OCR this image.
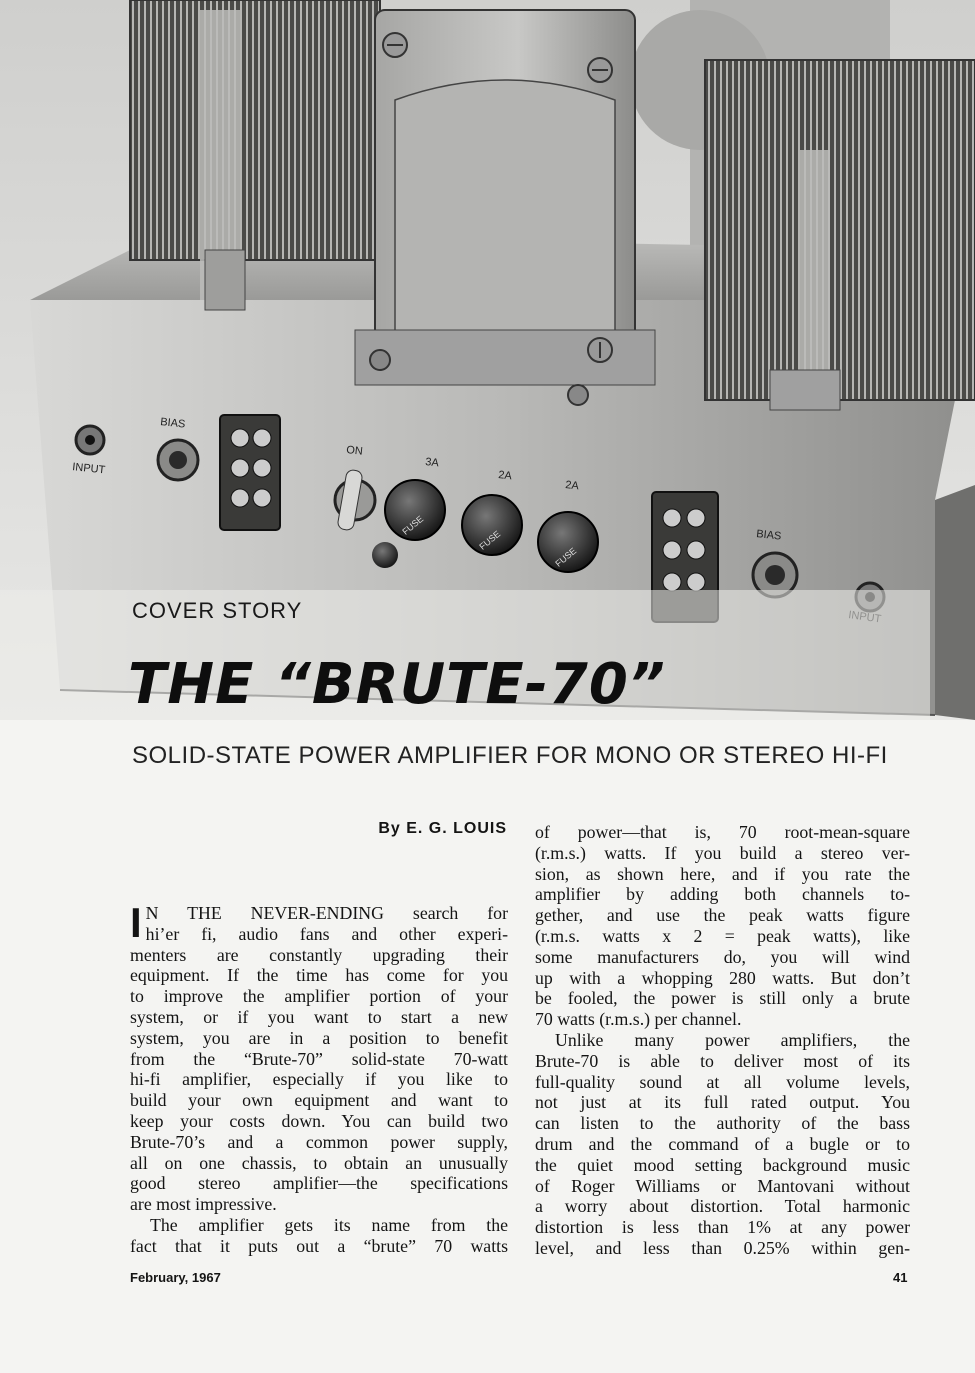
INPUT
BIAS
ON
3A
FUSE
2A
FUSE
2A
FUSE
BIAS
COVER STORY
THE “BRUTE-70”
SOLID-STATE POWER AMPLIFIER FOR MONO OR STEREO HI-FI
By E. G. LOUIS
I N THE NEVER-ENDING search for

hi’er fi, audio fans and other experi-

menters are constantly upgrading their

equipment. If the time has come for you

to improve the amplifier portion of your

system, or if you want to start a new

system, you are in a position to benefit

from the “Brute-70” solid-state 70-watt

hi-fi amplifier, especially if you like to

build your own equipment and want to

keep your costs down. You can build two

Brute-70’s and a common power supply,

all on one chassis, to obtain an unusually

good stereo amplifier—the specifications

are most impressive.

The amplifier gets its name from the

fact that it puts out a “brute” 70 watts

of power—that is, 70 root-mean-square

(r.m.s.) watts. If you build a stereo ver-

sion, as shown here, and if you rate the

amplifier by adding both channels to-

gether, and use the peak watts figure

(r.m.s. watts x 2 = peak watts), like

some manufacturers do, you will wind

up with a whopping 280 watts. But don’t

be fooled, the power is still only a brute

70 watts (r.m.s.) per channel.

Unlike many power amplifiers, the

Brute-70 is able to deliver most of its

full-quality sound at all volume levels,

not just at its full rated output. You

can listen to the authority of the bass

drum and the command of a bugle or to

the quiet mood setting background music

of Roger Williams or Mantovani without

a worry about distortion. Total harmonic

distortion is less than 1% at any power

level, and less than 0.25% within gen-

February, 1967	41
